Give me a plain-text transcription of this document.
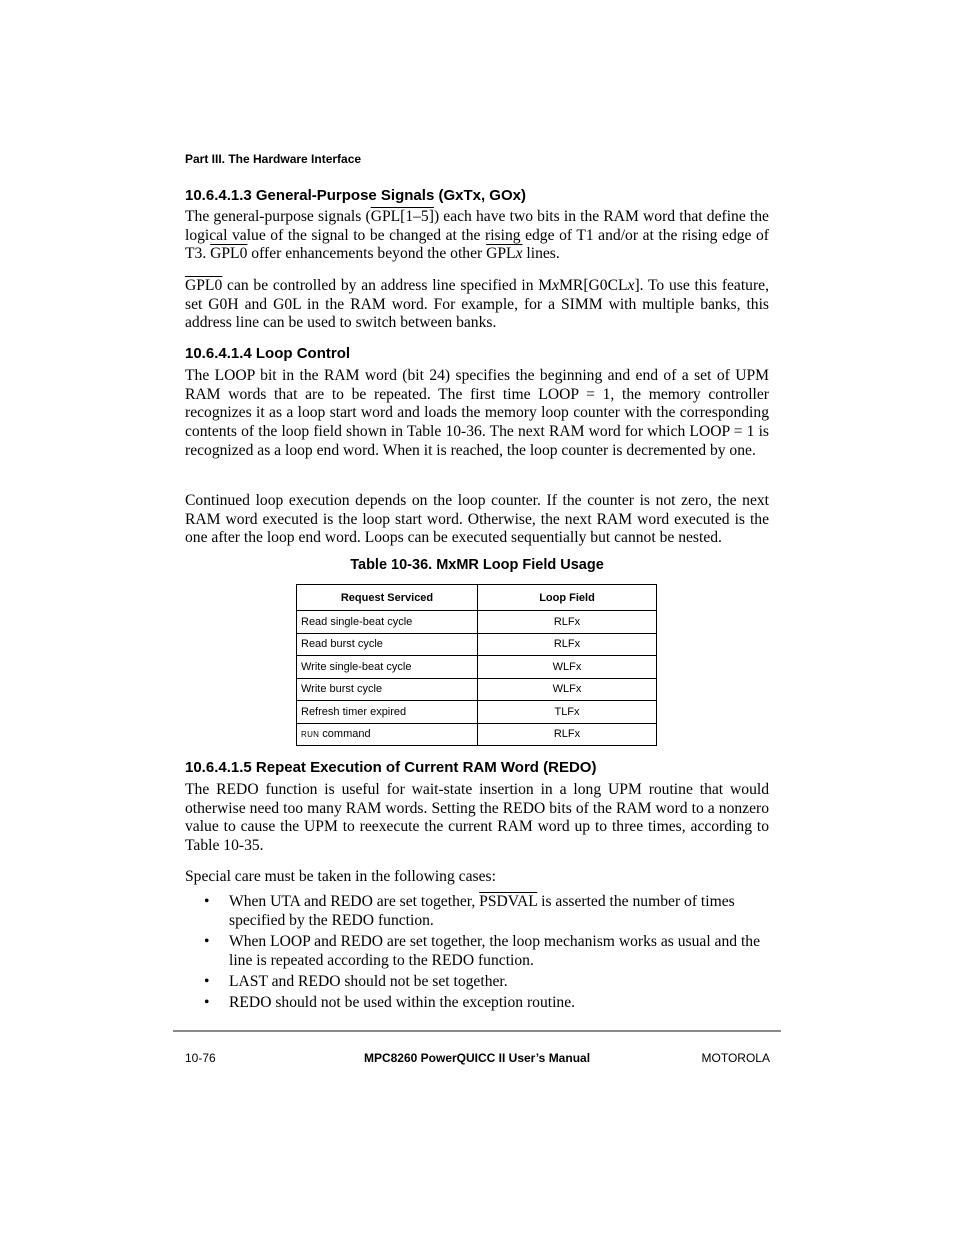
Part III. The Hardware Interface
10.6.4.1.3 General-Purpose Signals (GxTx, GOx)
The general-purpose signals (GPL[1–5]) each have two bits in the RAM word that define the logical value of the signal to be changed at the rising edge of T1 and/or at the rising edge of T3. GPL0 offer enhancements beyond the other GPLx lines.
GPL0 can be controlled by an address line specified in MxMR[G0CLx]. To use this feature, set G0H and G0L in the RAM word. For example, for a SIMM with multiple banks, this address line can be used to switch between banks.
10.6.4.1.4 Loop Control
The LOOP bit in the RAM word (bit 24) specifies the beginning and end of a set of UPM RAM words that are to be repeated. The first time LOOP = 1, the memory controller recognizes it as a loop start word and loads the memory loop counter with the corresponding contents of the loop field shown in Table 10-36. The next RAM word for which LOOP = 1 is recognized as a loop end word. When it is reached, the loop counter is decremented by one.
Continued loop execution depends on the loop counter. If the counter is not zero, the next RAM word executed is the loop start word. Otherwise, the next RAM word executed is the one after the loop end word. Loops can be executed sequentially but cannot be nested.
Table 10-36. MxMR Loop Field Usage
Request Serviced	Loop Field
Read single-beat cycle	RLFx
Read burst cycle	RLFx
Write single-beat cycle	WLFx
Write burst cycle	WLFx
Refresh timer expired	TLFx
RUN command	RLFx
10.6.4.1.5 Repeat Execution of Current RAM Word (REDO)
The REDO function is useful for wait-state insertion in a long UPM routine that would otherwise need too many RAM words. Setting the REDO bits of the RAM word to a nonzero value to cause the UPM to reexecute the current RAM word up to three times, according to Table 10-35.
Special care must be taken in the following cases:
• When UTA and REDO are set together, PSDVAL is asserted the number of times specified by the REDO function.
• When LOOP and REDO are set together, the loop mechanism works as usual and the line is repeated according to the REDO function.
• LAST and REDO should not be set together.
• REDO should not be used within the exception routine.
10-76	MPC8260 PowerQUICC II User’s Manual	MOTOROLA
